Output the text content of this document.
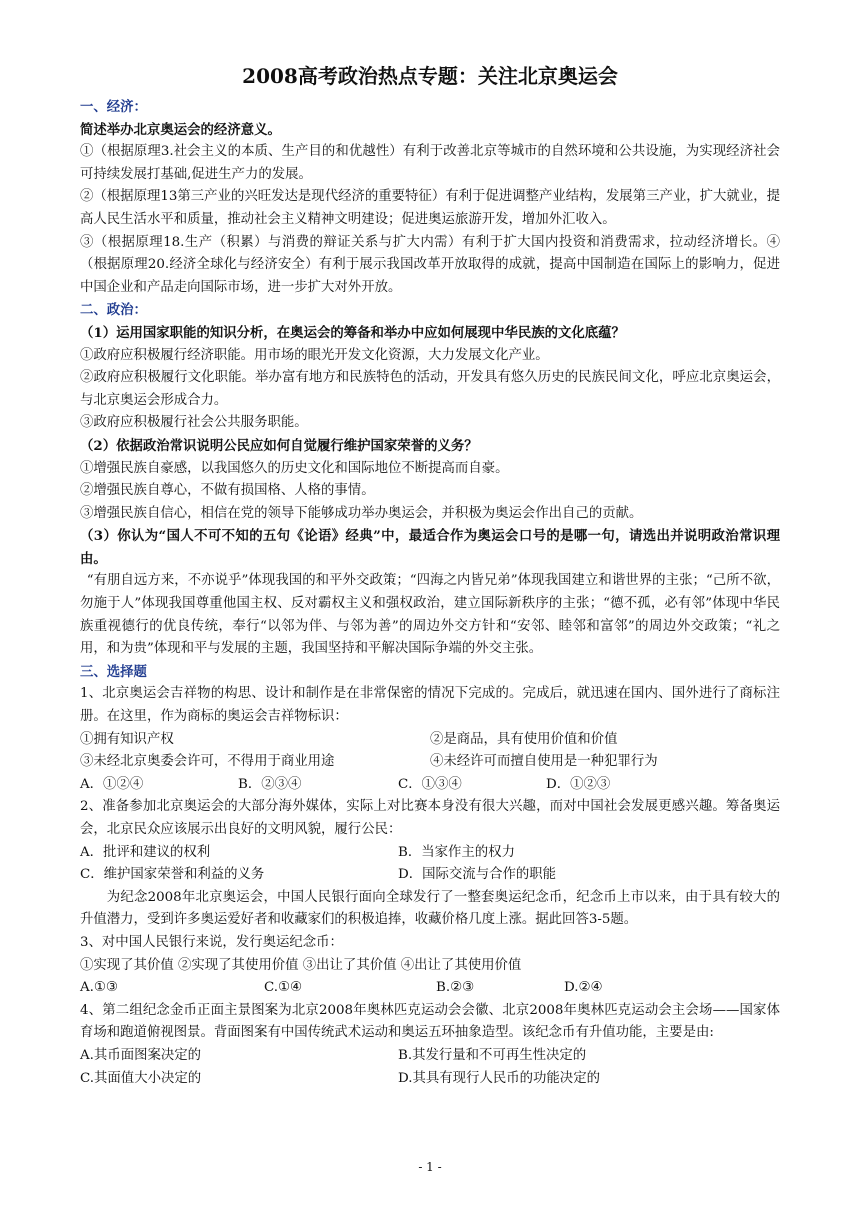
2008高考政治热点专题：关注北京奥运会
一、经济：

简述举办北京奥运会的经济意义。

①（根据原理3.社会主义的本质、生产目的和优越性）有利于改善北京等城市的自然环境和公共设施，为实现经济社会可持续发展打基础,促进生产力的发展。

②（根据原理13第三产业的兴旺发达是现代经济的重要特征）有利于促进调整产业结构，发展第三产业，扩大就业，提高人民生活水平和质量，推动社会主义精神文明建设；促进奥运旅游开发，增加外汇收入。

③（根据原理18.生产（积累）与消费的辩证关系与扩大内需）有利于扩大国内投资和消费需求，拉动经济增长。④（根据原理20.经济全球化与经济安全）有利于展示我国改革开放取得的成就，提高中国制造在国际上的影响力，促进中国企业和产品走向国际市场，进一步扩大对外开放。

二、政治：

（1）运用国家职能的知识分析，在奥运会的筹备和举办中应如何展现中华民族的文化底蕴？

①政府应积极履行经济职能。用市场的眼光开发文化资源，大力发展文化产业。

②政府应积极履行文化职能。举办富有地方和民族特色的活动，开发具有悠久历史的民族民间文化，呼应北京奥运会，与北京奥运会形成合力。

③政府应积极履行社会公共服务职能。

（2）依据政治常识说明公民应如何自觉履行维护国家荣誉的义务？

①增强民族自豪感，以我国悠久的历史文化和国际地位不断提高而自豪。

②增强民族自尊心，不做有损国格、人格的事情。

③增强民族自信心，相信在党的领导下能够成功举办奥运会，并积极为奥运会作出自己的贡献。

（3）你认为“国人不可不知的五句《论语》经典”中，最适合作为奥运会口号的是哪一句，请选出并说明政治常识理由。

“有朋自远方来，不亦说乎”体现我国的和平外交政策；“四海之内皆兄弟”体现我国建立和谐世界的主张；“己所不欲，勿施于人”体现我国尊重他国主权、反对霸权主义和强权政治，建立国际新秩序的主张；“德不孤，必有邻”体现中华民族重视德行的优良传统，奉行“以邻为伴、与邻为善”的周边外交方针和“安邻、睦邻和富邻”的周边外交政策；“礼之用，和为贵”体现和平与发展的主题，我国坚持和平解决国际争端的外交主张。

三、选择题

1、北京奥运会吉祥物的构思、设计和制作是在非常保密的情况下完成的。完成后，就迅速在国内、国外进行了商标注册。在这里，作为商标的奥运会吉祥物标识：

①拥有知识产权	②是商品，具有使用价值和价值
③未经北京奥委会许可，不得用于商业用途	④未经许可而擅自使用是一种犯罪行为
A．①②④	B．②③④	C．①③④	D．①②③

2、准备参加北京奥运会的大部分海外媒体，实际上对比赛本身没有很大兴趣，而对中国社会发展更感兴趣。筹备奥运会，北京民众应该展示出良好的文明风貌，履行公民：

A．批评和建议的权利	B．当家作主的权力
C．维护国家荣誉和利益的义务	D．国际交流与合作的职能

为纪念2008年北京奥运会，中国人民银行面向全球发行了一整套奥运纪念币，纪念币上市以来，由于具有较大的升值潜力，受到许多奥运爱好者和收藏家们的积极追捧，收藏价格几度上涨。据此回答3-5题。

3、对中国人民银行来说，发行奥运纪念币：

①实现了其价值 ②实现了其使用价值 ③出让了其价值 ④出让了其使用价值

A.①③	C.①④	B.②③	D.②④

4、第二组纪念金币正面主景图案为北京2008年奥林匹克运动会会徽、北京2008年奥林匹克运动会主会场——国家体育场和跑道俯视图景。背面图案有中国传统武术运动和奥运五环抽象造型。该纪念币有升值功能，主要是由:

A.其币面图案决定的	B.其发行量和不可再生性决定的
C.其面值大小决定的	D.其具有现行人民币的功能决定的
- 1 -
